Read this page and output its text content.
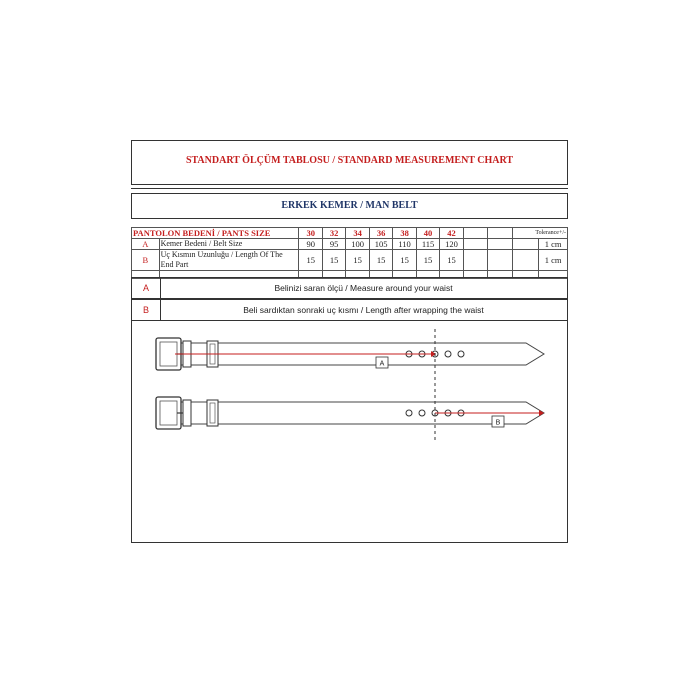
STANDART ÖLÇÜM TABLOSU / STANDARD MEASUREMENT CHART
ERKEK KEMER / MAN BELT
PANTOLON BEDENİ / PANTS SIZE		30	32	34	36	38	40	42			Tolerance+/-	
A	Kemer Bedeni / Belt Size	90	95	100	105	110	115	120				1 cm
B	Uç Kısmın Uzunluğu / Length Of The End Part	15	15	15	15	15	15	15				1 cm

A	Belinizi saran ölçü / Measure around your waist
B	Beli sardıktan sonraki uç kısmı / Length after wrapping the waist
A
B
